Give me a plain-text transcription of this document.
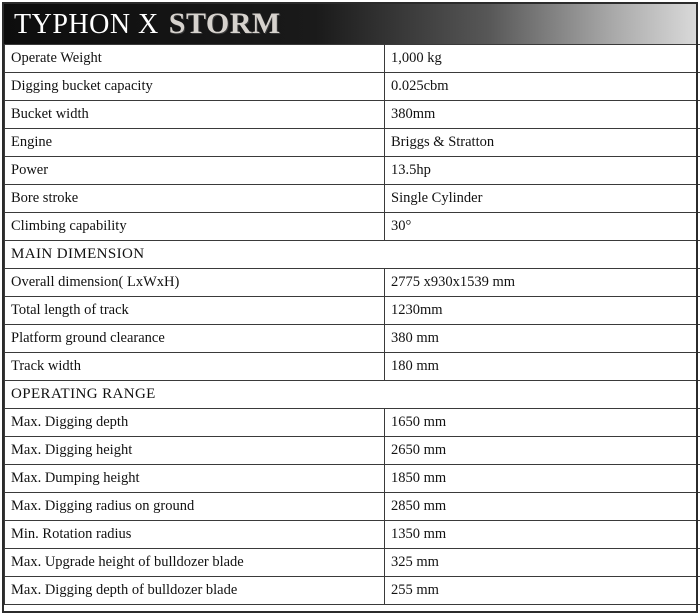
TYPHON X STORM
Operate Weight	1,000 kg
Digging bucket capacity	0.025cbm
Bucket width	380mm
Engine	Briggs & Stratton
Power	13.5hp
Bore stroke	Single Cylinder
Climbing capability	30°
MAIN DIMENSION	
Overall dimension( LxWxH)	2775 x930x1539 mm
Total length of track	1230mm
Platform ground clearance	380 mm
Track width	180 mm
OPERATING RANGE	
Max. Digging depth	1650 mm
Max. Digging height	2650 mm
Max. Dumping height	1850 mm
Max. Digging radius on ground	2850 mm
Min. Rotation radius	1350 mm
Max. Upgrade height of bulldozer blade	325 mm
Max. Digging depth of bulldozer blade	255 mm
